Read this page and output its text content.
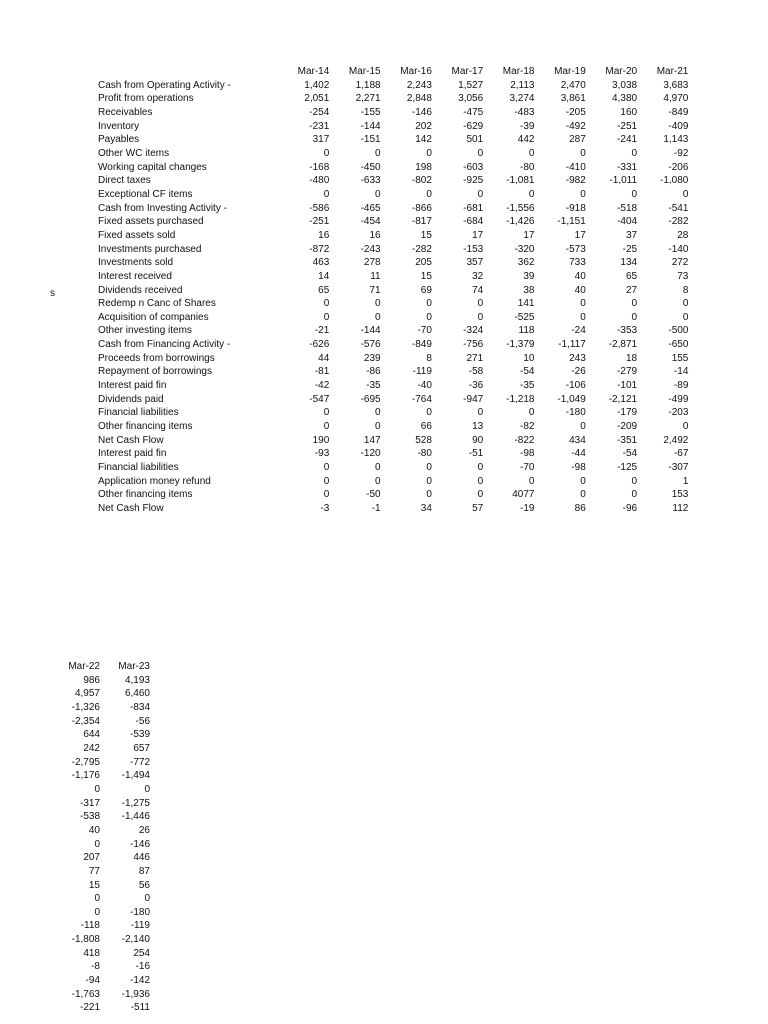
s
	Mar-14	Mar-15	Mar-16	Mar-17	Mar-18	Mar-19	Mar-20	Mar-21
Cash from Operating Activity -	1,402	1,188	2,243	1,527	2,113	2,470	3,038	3,683
Profit from operations	2,051	2,271	2,848	3,056	3,274	3,861	4,380	4,970
Receivables	-254	-155	-146	-475	-483	-205	160	-849
Inventory	-231	-144	202	-629	-39	-492	-251	-409
Payables	317	-151	142	501	442	287	-241	1,143
Other WC items	0	0	0	0	0	0	0	-92
Working capital changes	-168	-450	198	-603	-80	-410	-331	-206
Direct taxes	-480	-633	-802	-925	-1,081	-982	-1,011	-1,080
Exceptional CF items	0	0	0	0	0	0	0	0
Cash from Investing Activity -	-586	-465	-866	-681	-1,556	-918	-518	-541
Fixed assets purchased	-251	-454	-817	-684	-1,426	-1,151	-404	-282
Fixed assets sold	16	16	15	17	17	17	37	28
Investments purchased	-872	-243	-282	-153	-320	-573	-25	-140
Investments sold	463	278	205	357	362	733	134	272
Interest received	14	11	15	32	39	40	65	73
Dividends received	65	71	69	74	38	40	27	8
Redemp n Canc of Shares	0	0	0	0	141	0	0	0
Acquisition of companies	0	0	0	0	-525	0	0	0
Other investing items	-21	-144	-70	-324	118	-24	-353	-500
Cash from Financing Activity -	-626	-576	-849	-756	-1,379	-1,117	-2,871	-650
Proceeds from borrowings	44	239	8	271	10	243	18	155
Repayment of borrowings	-81	-86	-119	-58	-54	-26	-279	-14
Interest paid fin	-42	-35	-40	-36	-35	-106	-101	-89
Dividends paid	-547	-695	-764	-947	-1,218	-1,049	-2,121	-499
Financial liabilities	0	0	0	0	0	-180	-179	-203
Other financing items	0	0	66	13	-82	0	-209	0
Net Cash Flow	190	147	528	90	-822	434	-351	2,492
Interest paid fin	-93	-120	-80	-51	-98	-44	-54	-67
Financial liabilities	0	0	0	0	-70	-98	-125	-307
Application money refund	0	0	0	0	0	0	0	1
Other financing items	0	-50	0	0	4077	0	0	153
Net Cash Flow	-3	-1	34	57	-19	86	-96	112
Mar-22	Mar-23
986	4,193
4,957	6,460
-1,326	-834
-2,354	-56
644	-539
242	657
-2,795	-772
-1,176	-1,494
0	0
-317	-1,275
-538	-1,446
40	26
0	-146
207	446
77	87
15	56
0	0
0	-180
-118	-119
-1,808	-2,140
418	254
-8	-16
-94	-142
-1,763	-1,936
-221	-511
